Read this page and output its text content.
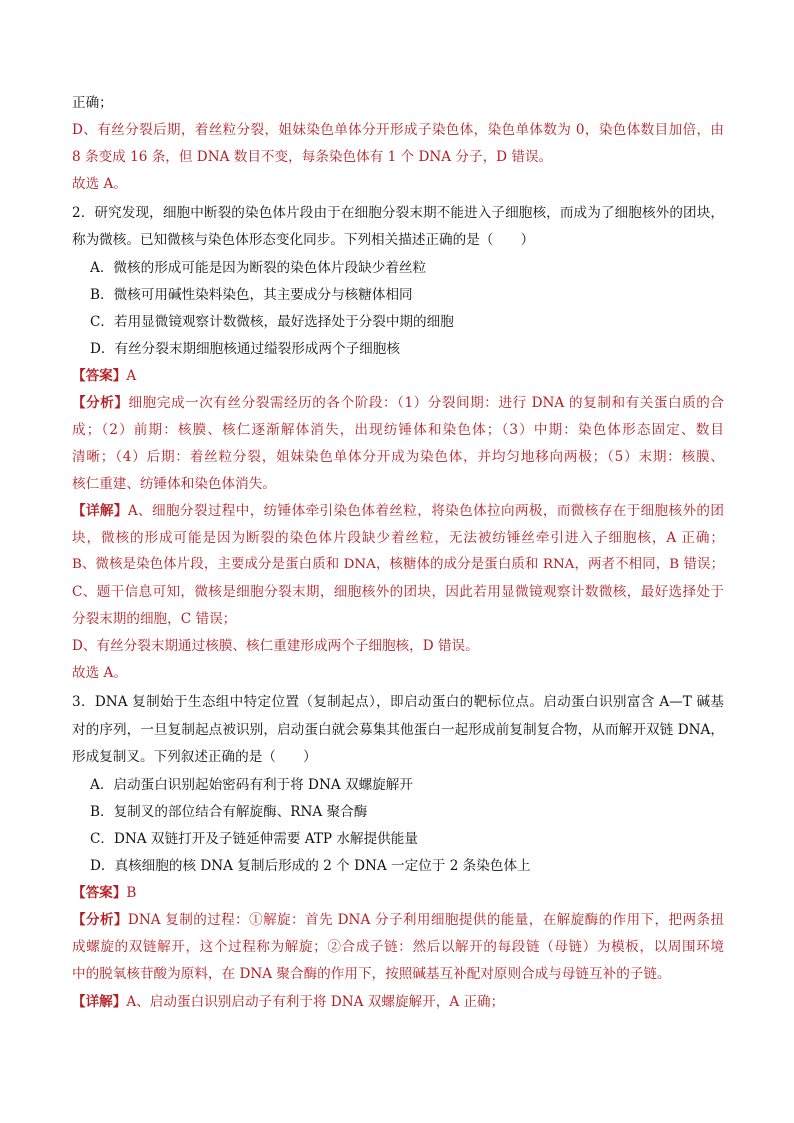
正确；
D、有丝分裂后期，着丝粒分裂，姐妹染色单体分开形成子染色体，染色单体数为 0，染色体数目加倍，由
8 条变成 16 条，但 DNA 数目不变，每条染色体有 1 个 DNA 分子，D 错误。
故选 A。
2．研究发现，细胞中断裂的染色体片段由于在细胞分裂末期不能进入子细胞核，而成为了细胞核外的团块，
称为微核。已知微核与染色体形态变化同步。下列相关描述正确的是（　　）
A．微核的形成可能是因为断裂的染色体片段缺少着丝粒
B．微核可用碱性染料染色，其主要成分与核糖体相同
C．若用显微镜观察计数微核，最好选择处于分裂中期的细胞
D．有丝分裂末期细胞核通过缢裂形成两个子细胞核
【答案】A
【分析】细胞完成一次有丝分裂需经历的各个阶段：（1）分裂间期：进行 DNA 的复制和有关蛋白质的合
成；（2）前期：核膜、核仁逐渐解体消失，出现纺锤体和染色体；（3）中期：染色体形态固定、数目
清晰；（4）后期：着丝粒分裂，姐妹染色单体分开成为染色体，并均匀地移向两极；（5）末期：核膜、
核仁重建、纺锤体和染色体消失。
【详解】A、细胞分裂过程中，纺锤体牵引染色体着丝粒，将染色体拉向两极，而微核存在于细胞核外的团
块，微核的形成可能是因为断裂的染色体片段缺少着丝粒，无法被纺锤丝牵引进入子细胞核，A 正确；
B、微核是染色体片段，主要成分是蛋白质和 DNA，核糖体的成分是蛋白质和 RNA，两者不相同，B 错误；
C、题干信息可知，微核是细胞分裂末期，细胞核外的团块，因此若用显微镜观察计数微核，最好选择处于
分裂末期的细胞，C 错误；
D、有丝分裂末期通过核膜、核仁重建形成两个子细胞核，D 错误。
故选 A。
3．DNA 复制始于生态组中特定位置（复制起点），即启动蛋白的靶标位点。启动蛋白识别富含 A—T 碱基
对的序列，一旦复制起点被识别，启动蛋白就会募集其他蛋白一起形成前复制复合物，从而解开双链 DNA，
形成复制叉。下列叙述正确的是（　　）
A．启动蛋白识别起始密码有利于将 DNA 双螺旋解开
B．复制叉的部位结合有解旋酶、RNA 聚合酶
C．DNA 双链打开及子链延伸需要 ATP 水解提供能量
D．真核细胞的核 DNA 复制后形成的 2 个 DNA 一定位于 2 条染色体上
【答案】B
【分析】DNA 复制的过程：①解旋：首先 DNA 分子利用细胞提供的能量，在解旋酶的作用下，把两条扭
成螺旋的双链解开，这个过程称为解旋；②合成子链：然后以解开的每段链（母链）为模板，以周围环境
中的脱氧核苷酸为原料，在 DNA 聚合酶的作用下，按照碱基互补配对原则合成与母链互补的子链。
【详解】A、启动蛋白识别启动子有利于将 DNA 双螺旋解开，A 正确；
